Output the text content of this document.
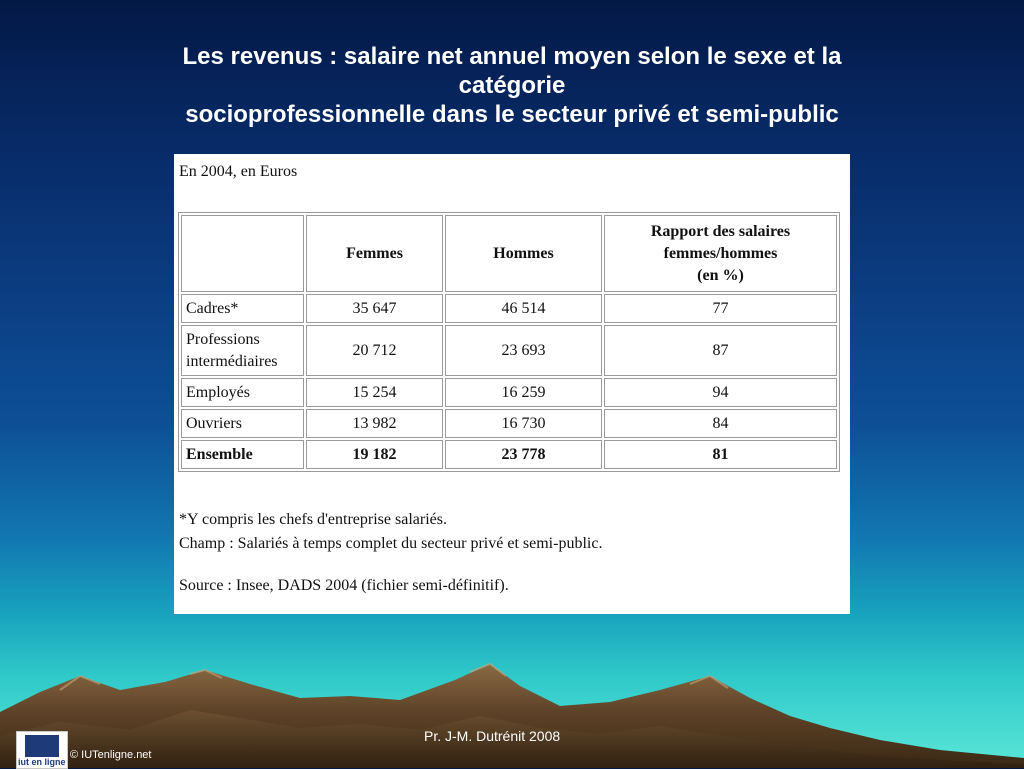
Les revenus : salaire net annuel moyen selon le sexe et la
catégorie
socioprofessionnelle dans le secteur privé et semi-public
En 2004, en Euros
	Femmes	Hommes	Rapport des salaires
femmes/hommes
(en %)

Cadres*	35 647	46 514	77

Professions
intermédiaires	20 712	23 693	87
Employés	15 254	16 259	94
Ouvriers	13 982	16 730	84
Ensemble	19 182	23 778	81
*Y compris les chefs d'entreprise salariés.
Champ : Salariés à temps complet du secteur privé et semi-public.
Source : Insee, DADS 2004 (fichier semi-définitif).
Pr. J-M. Dutrénit 2008
iut en ligne
© IUTenligne.net
